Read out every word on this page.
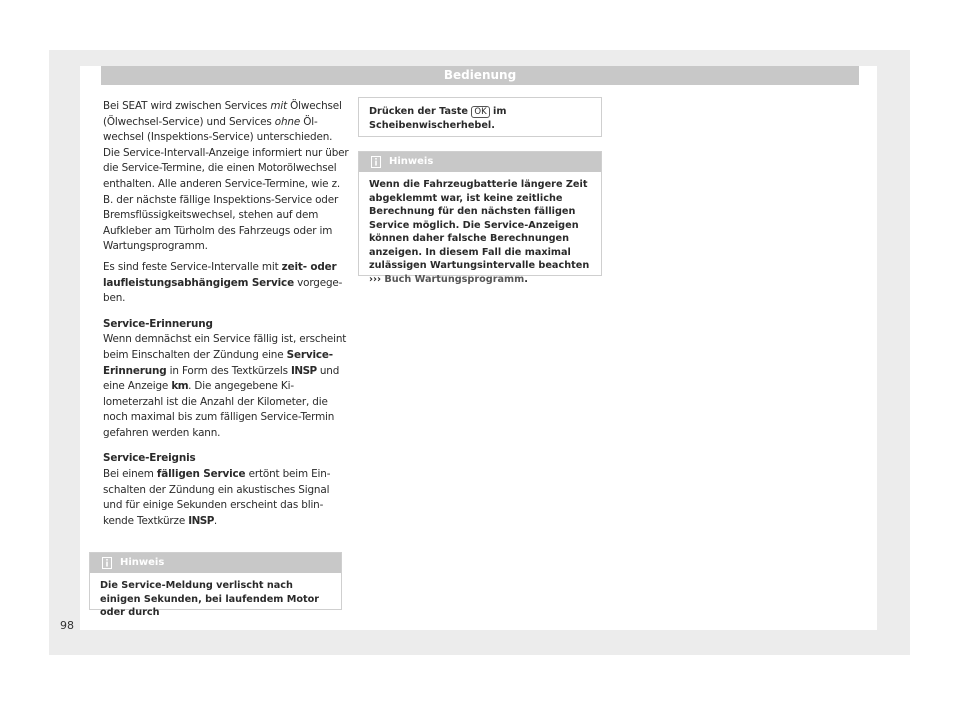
Bedienung

Bei SEAT wird zwischen Services mit Ölwechsel (Ölwechsel-Service) und Services ohne Ölwechsel (Inspektions-Service) unterschieden. Die Service-Intervall-Anzeige informiert nur über die Service-Termine, die einen Motorölwechsel enthalten. Alle anderen Service-Termine, wie z. B. der nächste fällige Inspektions-Service oder Bremsflüssigkeitswechsel, stehen auf dem Aufkleber am Türholm des Fahrzeugs oder im Wartungsprogramm.

Es sind feste Service-Intervalle mit zeit- oder laufleistungsabhängigem Service vorgegeben.

Service-Erinnerung

Wenn demnächst ein Service fällig ist, erscheint beim Einschalten der Zündung eine Service-Erinnerung in Form des Textkürzels INSP und eine Anzeige km. Die angegebene Kilometerzahl ist die Anzahl der Kilometer, die noch maximal bis zum fälligen Service-Termin gefahren werden kann.

Service-Ereignis

Bei einem fälligen Service ertönt beim Einschalten der Zündung ein akustisches Signal und für einige Sekunden erscheint das blinkende Textkürze INSP.

Hinweis
Die Service-Meldung verlischt nach einigen Sekunden, bei laufendem Motor oder durch
Drücken der Taste OK im Scheibenwischerhebel.
Hinweis
Wenn die Fahrzeugbatterie längere Zeit abgeklemmt war, ist keine zeitliche Berechnung für den nächsten fälligen Service möglich. Die Service-Anzeigen können daher falsche Berechnungen anzeigen. In diesem Fall die maximal zulässigen Wartungsintervalle beachten ››› Buch Wartungsprogramm.
98
